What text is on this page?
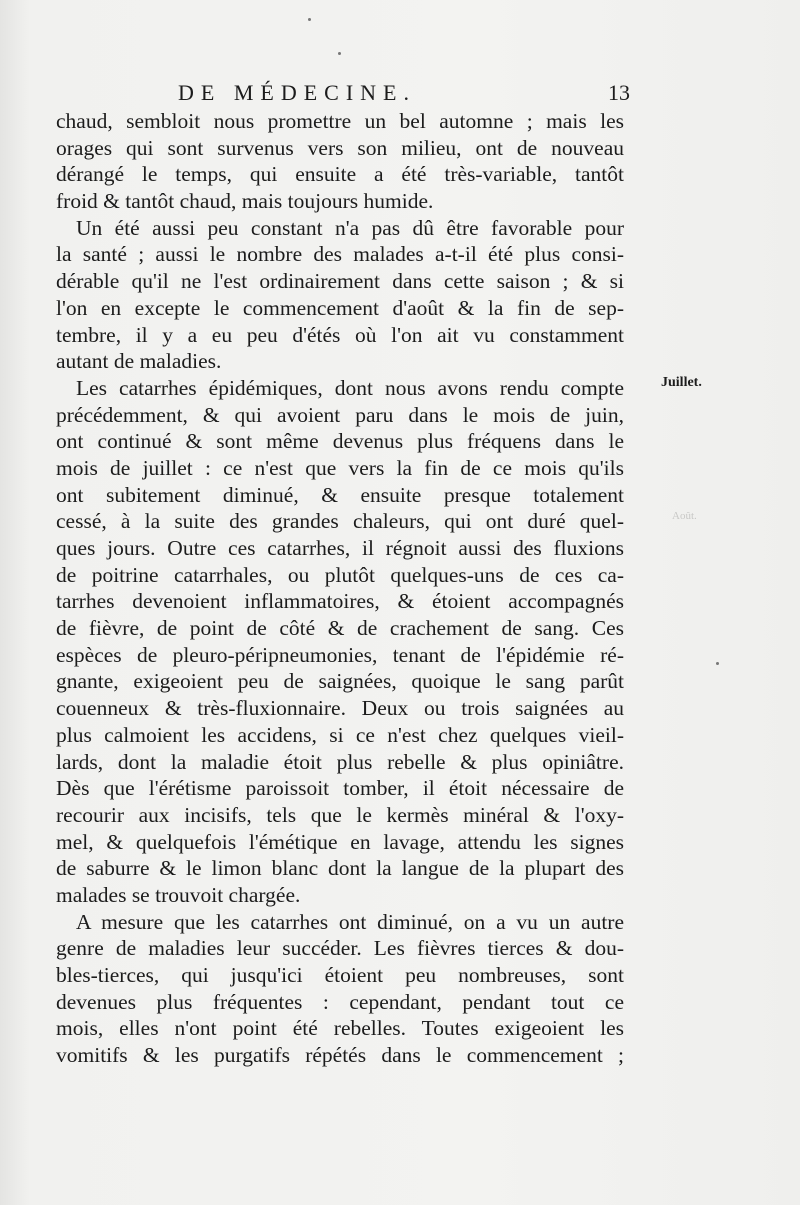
DE MÉDECINE.	13
chaud, sembloit nous promettre un bel automne ; mais les
orages qui sont survenus vers son milieu, ont de nouveau
dérangé le temps, qui ensuite a été très-variable, tantôt
froid & tantôt chaud, mais toujours humide.
Un été aussi peu constant n'a pas dû être favorable pour
la santé ; aussi le nombre des malades a-t-il été plus consi-
dérable qu'il ne l'est ordinairement dans cette saison ; & si
l'on en excepte le commencement d'août & la fin de sep-
tembre, il y a eu peu d'étés où l'on ait vu constamment
autant de maladies.
Les catarrhes épidémiques, dont nous avons rendu compte
précédemment, & qui avoient paru dans le mois de juin,
ont continué & sont même devenus plus fréquens dans le
mois de juillet : ce n'est que vers la fin de ce mois qu'ils
ont subitement diminué, & ensuite presque totalement
cessé, à la suite des grandes chaleurs, qui ont duré quel-
ques jours. Outre ces catarrhes, il régnoit aussi des fluxions
de poitrine catarrhales, ou plutôt quelques-uns de ces ca-
tarrhes devenoient inflammatoires, & étoient accompagnés
de fièvre, de point de côté & de crachement de sang. Ces
espèces de pleuro-péripneumonies, tenant de l'épidémie ré-
gnante, exigeoient peu de saignées, quoique le sang parût
couenneux & très-fluxionnaire. Deux ou trois saignées au
plus calmoient les accidens, si ce n'est chez quelques vieil-
lards, dont la maladie étoit plus rebelle & plus opiniâtre.
Dès que l'érétisme paroissoit tomber, il étoit nécessaire de
recourir aux incisifs, tels que le kermès minéral & l'oxy-
mel, & quelquefois l'émétique en lavage, attendu les signes
de saburre & le limon blanc dont la langue de la plupart des
malades se trouvoit chargée.
A mesure que les catarrhes ont diminué, on a vu un autre
genre de maladies leur succéder. Les fièvres tierces & dou-
bles-tierces, qui jusqu'ici étoient peu nombreuses, sont
devenues plus fréquentes : cependant, pendant tout ce
mois, elles n'ont point été rebelles. Toutes exigeoient les
vomitifs & les purgatifs répétés dans le commencement ;
Juillet.
Août.
